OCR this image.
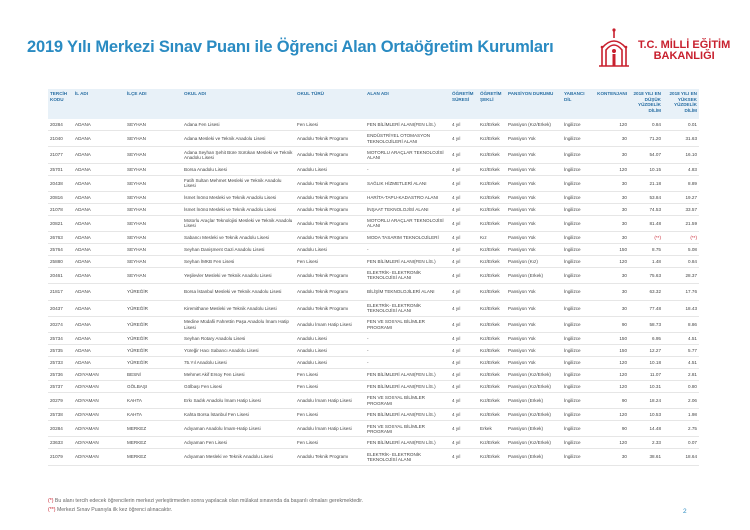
2019 Yılı Merkezi Sınav Puanı ile Öğrenci Alan Ortaöğretim Kurumları	T.C. MİLLİ EĞİTİM
BAKANLIĞI
TERCİH KODU	İL ADI	İLÇE ADI	OKUL ADI	OKUL TÜRÜ	ALAN ADI	ÖĞRETİM SÜRESİ	ÖĞRETİM ŞEKLİ	PANSİYON DURUMU	YABANCI DİL	KONTENJANI	2018 YILI EN DÜŞÜK YÜZDELİK DİLİM	2018 YILI EN YÜKSEK YÜZDELİK DİLİM
20284	ADANA	SEYHAN	Adana Fen Lisesi	Fen Lisesi	FEN BİLİMLERİ ALANI(FEN LİS.)	4 yıl	Kız/Erkek	Pansiyon (Kız/Erkek)	İngilizce	120	0.84	0.01
21040	ADANA	SEYHAN	Adana Mesleki ve Teknik Anadolu Lisesi	Anadolu Teknik Programı	ENDÜSTRİYEL OTOMASYON TEKNOLOJİLERİ ALANI	4 yıl	Kız/Erkek	Pansiyon Yok	İngilizce	30	71.20	31.63
21077	ADANA	SEYHAN	Adana Seyhan Şehit Büre Sürükan Mesleki ve Teknik Anadolu Lisesi	Anadolu Teknik Programı	MOTORLU ARAÇLAR TEKNOLOJİSİ ALANI	4 yıl	Kız/Erkek	Pansiyon Yok	İngilizce	30	54.07	16.10
25701	ADANA	SEYHAN	Borsa Anadolu Lisesi	Anadolu Lisesi	-	4 yıl	Kız/Erkek	Pansiyon Yok	İngilizce	120	10.15	4.83
20438	ADANA	SEYHAN	Fatih Sultan Mehmet Mesleki ve Teknik Anadolu Lisesi	Anadolu Teknik Programı	SAĞLIK HİZMETLERİ ALANI	4 yıl	Kız/Erkek	Pansiyon Yok	İngilizce	30	21.18	8.89
20816	ADANA	SEYHAN	İsmet İnönü Mesleki ve Teknik Anadolu Lisesi	Anadolu Teknik Programı	HARİTA-TAPU-KADASTRO ALANI	4 yıl	Kız/Erkek	Pansiyon Yok	İngilizce	30	53.84	19.27
21078	ADANA	SEYHAN	İsmet İnönü Mesleki ve Teknik Anadolu Lisesi	Anadolu Teknik Programı	İNŞAAT TEKNOLOJİSİ ALANI	4 yıl	Kız/Erkek	Pansiyon Yok	İngilizce	30	74.53	33.57
20821	ADANA	SEYHAN	Motorlu Araçlar Teknolojisi Mesleki ve Teknik Anadolu Lisesi	Anadolu Teknik Programı	MOTORLU ARAÇLAR TEKNOLOJİSİ ALANI	4 yıl	Kız/Erkek	Pansiyon Yok	İngilizce	30	81.48	21.59
26763	ADANA	SEYHAN	Sabancı Mesleki ve Teknik Anadolu Lisesi	Anadolu Teknik Programı	MODA TASARIM TEKNOLOJİLERİ	4 yıl	Kız	Pansiyon Yok	İngilizce	30	(**)	(**)
25764	ADANA	SEYHAN	Seyhan Danişment Gazi Anadolu Lisesi	Anadolu Lisesi	-	4 yıl	Kız/Erkek	Pansiyon Yok	İngilizce	150	8.75	5.08
25880	ADANA	SEYHAN	Seyhan İMKB Fen Lisesi	Fen Lisesi	FEN BİLİMLERİ ALANI(FEN LİS.)	4 yıl	Kız/Erkek	Pansiyon (Kız)	İngilizce	120	1.48	0.84
20461	ADANA	SEYHAN	Yeşilevler Mesleki ve Teknik Anadolu Lisesi	Anadolu Teknik Programı	ELEKTRİK- ELEKTRONİK TEKNOLOJİSİ ALANI	4 yıl	Kız/Erkek	Pansiyon (Erkek)	İngilizce	30	75.63	28.37
21817	ADANA	YÜREĞİR	Borsa İstanbul Mesleki ve Teknik Anadolu Lisesi	Anadolu Teknik Programı	BİLİŞİM TEKNOLOJİLERİ ALANI	4 yıl	Kız/Erkek	Pansiyon Yok	İngilizce	30	63.32	17.76
20437	ADANA	YÜREĞİR	Kiremithane Mesleki ve Teknik Anadolu Lisesi	Anadolu Teknik Programı	ELEKTRİK- ELEKTRONİK TEKNOLOJİSİ ALANI	4 yıl	Kız/Erkek	Pansiyon Yok	İngilizce	30	77.48	18.43
20274	ADANA	YÜREĞİR	Medine Müdafii Fahrettin Paşa Anadolu İmam Hatip Lisesi	Anadolu İmam Hatip Lisesi	FEN VE SOSYAL BİLİMLER PROGRAMI	4 yıl	Kız/Erkek	Pansiyon Yok	İngilizce	90	58.73	8.86
25734	ADANA	YÜREĞİR	Seyhan Rotary Anadolu Lisesi	Anadolu Lisesi	-	4 yıl	Kız/Erkek	Pansiyon Yok	İngilizce	150	6.95	4.51
25735	ADANA	YÜREĞİR	Yüreğir Hacı Sabancı Anadolu Lisesi	Anadolu Lisesi	-	4 yıl	Kız/Erkek	Pansiyon Yok	İngilizce	150	12.27	5.77
25733	ADANA	YÜREĞİR	75.Yıl Anadolu Lisesi	Anadolu Lisesi	-	4 yıl	Kız/Erkek	Pansiyon Yok	İngilizce	120	10.18	4.51
25736	ADIYAMAN	BESNİ	Mehmet Akif Ersoy Fen Lisesi	Fen Lisesi	FEN BİLİMLERİ ALANI(FEN LİS.)	4 yıl	Kız/Erkek	Pansiyon (Kız/Erkek)	İngilizce	120	11.07	2.81
25737	ADIYAMAN	GÖLBAŞI	Gölbaşı Fen Lisesi	Fen Lisesi	FEN BİLİMLERİ ALANI(FEN LİS.)	4 yıl	Kız/Erkek	Pansiyon (Kız/Erkek)	İngilizce	120	10.31	0.80
20279	ADIYAMAN	KAHTA	Erkı Sadık Anadolu İmam Hatip Lisesi	Anadolu İmam Hatip Lisesi	FEN VE SOSYAL BİLİMLER PROGRAMI	4 yıl	Kız/Erkek	Pansiyon (Erkek)	İngilizce	90	18.24	2.06
25738	ADIYAMAN	KAHTA	Kahta Borsa İstanbul Fen Lisesi	Fen Lisesi	FEN BİLİMLERİ ALANI(FEN LİS.)	4 yıl	Kız/Erkek	Pansiyon (Kız/Erkek)	İngilizce	120	10.53	1.98
20284	ADIYAMAN	MERKEZ	Adıyaman Anadolu İmam-Hatip Lisesi	Anadolu İmam Hatip Lisesi	FEN VE SOSYAL BİLİMLER PROGRAMI	4 yıl	Erkek	Pansiyon (Erkek)	İngilizce	90	14.48	2.75
23633	ADIYAMAN	MERKEZ	Adıyaman Fen Lisesi	Fen Lisesi	FEN BİLİMLERİ ALANI(FEN LİS.)	4 yıl	Kız/Erkek	Pansiyon (Kız/Erkek)	İngilizce	120	2.33	0.07
21079	ADIYAMAN	MERKEZ	Adıyaman Mesleki ve Teknik Anadolu Lisesi	Anadolu Teknik Programı	ELEKTRİK- ELEKTRONİK TEKNOLOJİSİ ALANI	4 yıl	Kız/Erkek	Pansiyon (Erkek)	İngilizce	30	38.61	18.64
(*) Bu alanı tercih edecek öğrencilerin merkezi yerleştirmeden sonra yapılacak olan mülakat sınavında da başarılı olmaları gerekmektedir.
(**) Merkezi Sınav Puanıyla ilk kez öğrenci alınacaktır.	2
